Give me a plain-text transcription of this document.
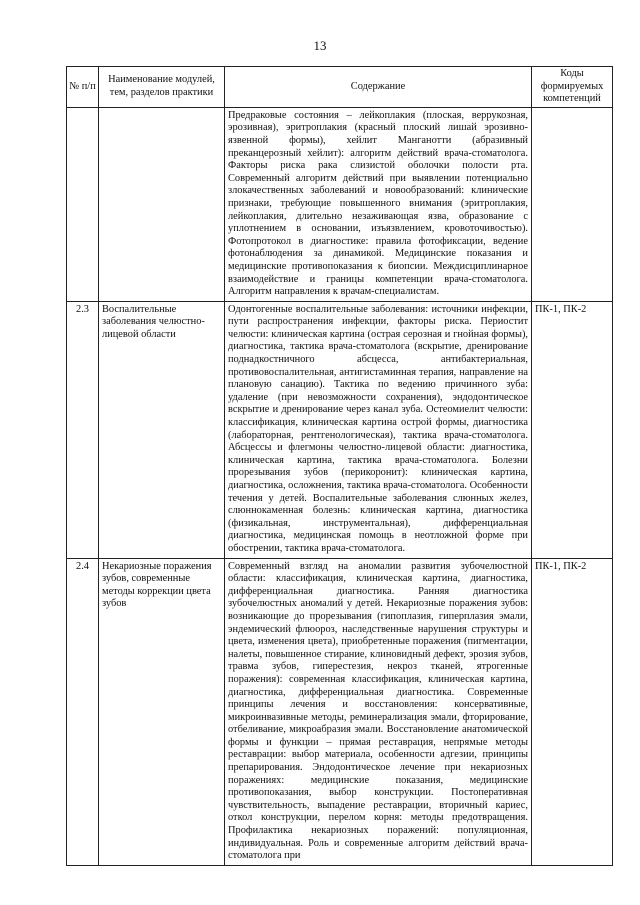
13
№ п/п	Наименование модулей, тем, разделов практики	Содержание	Коды формируемых компетенций
		Предраковые состояния – лейкоплакия (плоская, веррукозная, эрозивная), эритроплакия (красный плоский лишай эрозивно-язвенной формы), хейлит Манганотти (абразивный преканцерозный хейлит): алгоритм действий врача-стоматолога. Факторы риска рака слизистой оболочки полости рта. Современный алгоритм действий при выявлении потенциально злокачественных заболеваний и новообразований: клинические признаки, требующие повышенного внимания (эритроплакия, лейкоплакия, длительно незаживающая язва, образование с уплотнением в основании, изъязвлением, кровоточивостью). Фотопротокол в диагностике: правила фотофиксации, ведение фотонаблюдения за динамикой. Медицинские показания и медицинские противопоказания к биопсии. Междисциплинарное взаимодействие и границы компетенции врача-стоматолога. Алгоритм направления к врачам-специалистам.	
2.3	Воспалительные заболевания челюстно-лицевой области	Одонтогенные воспалительные заболевания: источники инфекции, пути распространения инфекции, факторы риска. Периостит челюсти: клиническая картина (острая серозная и гнойная формы), диагностика, тактика врача-стоматолога (вскрытие, дренирование поднадкостничного абсцесса, антибактериальная, противовоспалительная, антигистаминная терапия, направление на плановую санацию). Тактика по ведению причинного зуба: удаление (при невозможности сохранения), эндодонтическое вскрытие и дренирование через канал зуба. Остеомиелит челюсти: классификация, клиническая картина острой формы, диагностика (лабораторная, рентгенологическая), тактика врача-стоматолога. Абсцессы и флегмоны челюстно-лицевой области: диагностика, клиническая картина, тактика врача-стоматолога. Болезни прорезывания зубов (перикоронит): клиническая картина, диагностика, осложнения, тактика врача-стоматолога. Особенности течения у детей. Воспалительные заболевания слюнных желез, слюннокаменная болезнь: клиническая картина, диагностика (физикальная, инструментальная), дифференциальная диагностика, медицинская помощь в неотложной форме при обострении, тактика врача-стоматолога.	ПК-1, ПК-2
2.4	Некариозные поражения зубов, современные методы коррекции цвета зубов	Современный взгляд на аномалии развития зубочелюстной области: классификация, клиническая картина, диагностика, дифференциальная диагностика. Ранняя диагностика зубочелюстных аномалий у детей. Некариозные поражения зубов: возникающие до прорезывания (гипоплазия, гиперплазия эмали, эндемический флюороз, наследственные нарушения структуры и цвета, изменения цвета), приобретенные поражения (пигментации, налеты, повышенное стирание, клиновидный дефект, эрозия зубов, травма зубов, гиперестезия, некроз тканей, ятрогенные поражения): современная классификация, клиническая картина, диагностика, дифференциальная диагностика. Современные принципы лечения и восстановления: консервативные, микроинвазивные методы, реминерализация эмали, фторирование, отбеливание, микроабразия эмали. Восстановление анатомической формы и функции – прямая реставрация, непрямые методы реставрации: выбор материала, особенности адгезии, принципы препарирования. Эндодонтическое лечение при некариозных поражениях: медицинские показания, медицинские противопоказания, выбор конструкции. Постоперативная чувствительность, выпадение реставрации, вторичный кариес, откол конструкции, перелом корня: методы предотвращения. Профилактика некариозных поражений: популяционная, индивидуальная. Роль и современные алгоритм действий врача-стоматолога при	ПК-1, ПК-2
